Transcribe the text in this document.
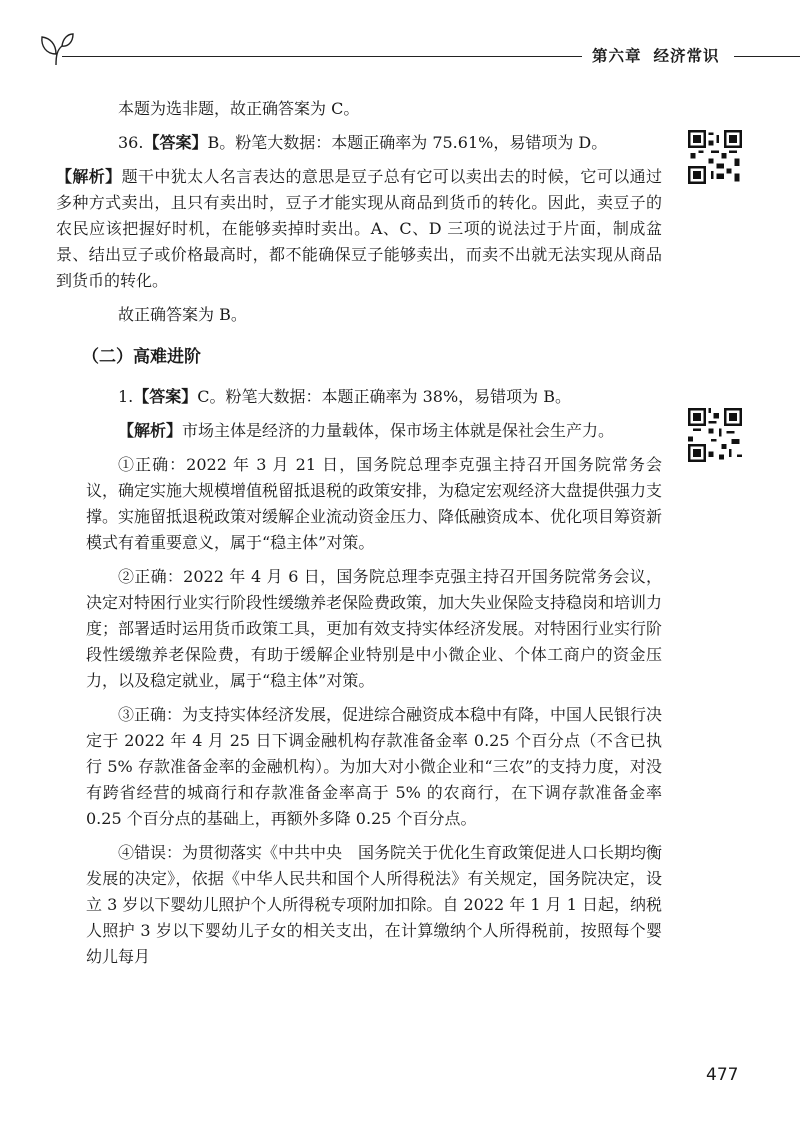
第六章 经济常识

本题为选非题，故正确答案为 C。

36.【答案】B。粉笔大数据：本题正确率为 75.61%，易错项为 D。

【解析】题干中犹太人名言表达的意思是豆子总有它可以卖出去的时候，它可以通过多种方式卖出，且只有卖出时，豆子才能实现从商品到货币的转化。因此，卖豆子的农民应该把握好时机，在能够卖掉时卖出。A、C、D 三项的说法过于片面，制成盆景、结出豆子或价格最高时，都不能确保豆子能够卖出，而卖不出就无法实现从商品到货币的转化。

故正确答案为 B。

（二）高难进阶

1.【答案】C。粉笔大数据：本题正确率为 38%，易错项为 B。

【解析】市场主体是经济的力量载体，保市场主体就是保社会生产力。

①正确：2022 年 3 月 21 日，国务院总理李克强主持召开国务院常务会议，确定实施大规模增值税留抵退税的政策安排，为稳定宏观经济大盘提供强力支撑。实施留抵退税政策对缓解企业流动资金压力、降低融资成本、优化项目筹资新模式有着重要意义，属于“稳主体”对策。

②正确：2022 年 4 月 6 日，国务院总理李克强主持召开国务院常务会议，决定对特困行业实行阶段性缓缴养老保险费政策，加大失业保险支持稳岗和培训力度；部署适时运用货币政策工具，更加有效支持实体经济发展。对特困行业实行阶段性缓缴养老保险费，有助于缓解企业特别是中小微企业、个体工商户的资金压力，以及稳定就业，属于“稳主体”对策。

③正确：为支持实体经济发展，促进综合融资成本稳中有降，中国人民银行决定于 2022 年 4 月 25 日下调金融机构存款准备金率 0.25 个百分点（不含已执行 5% 存款准备金率的金融机构）。为加大对小微企业和“三农”的支持力度，对没有跨省经营的城商行和存款准备金率高于 5% 的农商行，在下调存款准备金率 0.25 个百分点的基础上，再额外多降 0.25 个百分点。

④错误：为贯彻落实《中共中央　国务院关于优化生育政策促进人口长期均衡发展的决定》，依据《中华人民共和国个人所得税法》有关规定，国务院决定，设立 3 岁以下婴幼儿照护个人所得税专项附加扣除。自 2022 年 1 月 1 日起，纳税人照护 3 岁以下婴幼儿子女的相关支出，在计算缴纳个人所得税前，按照每个婴幼儿每月

477
